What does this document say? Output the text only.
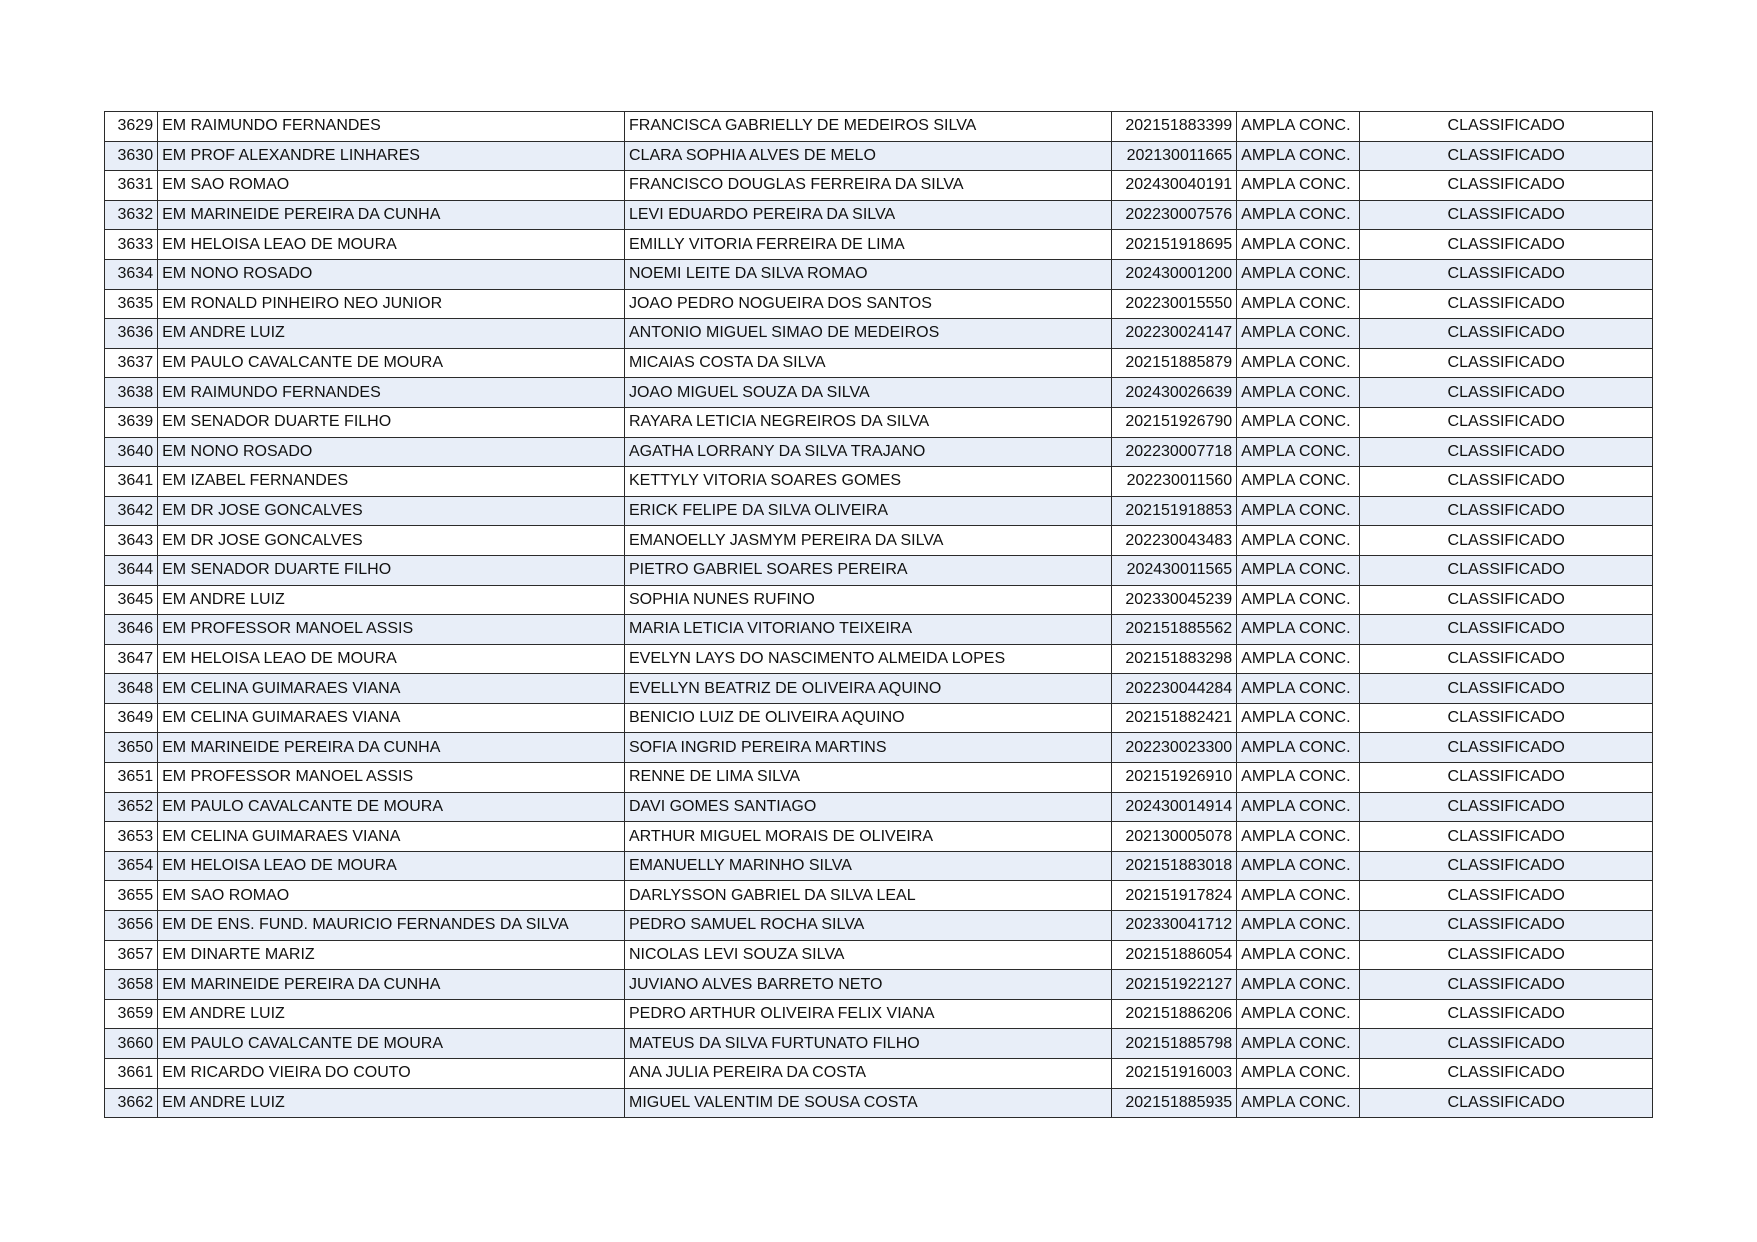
3629	EM RAIMUNDO FERNANDES	FRANCISCA GABRIELLY DE MEDEIROS SILVA	202151883399	AMPLA CONC.	CLASSIFICADO
3630	EM PROF ALEXANDRE LINHARES	CLARA SOPHIA ALVES DE MELO	202130011665	AMPLA CONC.	CLASSIFICADO
3631	EM SAO ROMAO	FRANCISCO DOUGLAS FERREIRA DA SILVA	202430040191	AMPLA CONC.	CLASSIFICADO
3632	EM MARINEIDE PEREIRA DA CUNHA	LEVI EDUARDO PEREIRA DA SILVA	202230007576	AMPLA CONC.	CLASSIFICADO
3633	EM HELOISA LEAO DE MOURA	EMILLY VITORIA FERREIRA DE LIMA	202151918695	AMPLA CONC.	CLASSIFICADO
3634	EM NONO ROSADO	NOEMI LEITE DA SILVA ROMAO	202430001200	AMPLA CONC.	CLASSIFICADO
3635	EM RONALD PINHEIRO NEO JUNIOR	JOAO PEDRO NOGUEIRA DOS SANTOS	202230015550	AMPLA CONC.	CLASSIFICADO
3636	EM ANDRE LUIZ	ANTONIO MIGUEL SIMAO DE MEDEIROS	202230024147	AMPLA CONC.	CLASSIFICADO
3637	EM PAULO CAVALCANTE DE MOURA	MICAIAS COSTA DA SILVA	202151885879	AMPLA CONC.	CLASSIFICADO
3638	EM RAIMUNDO FERNANDES	JOAO MIGUEL SOUZA DA SILVA	202430026639	AMPLA CONC.	CLASSIFICADO
3639	EM SENADOR DUARTE FILHO	RAYARA LETICIA NEGREIROS DA SILVA	202151926790	AMPLA CONC.	CLASSIFICADO
3640	EM NONO ROSADO	AGATHA LORRANY DA SILVA TRAJANO	202230007718	AMPLA CONC.	CLASSIFICADO
3641	EM IZABEL FERNANDES	KETTYLY VITORIA SOARES GOMES	202230011560	AMPLA CONC.	CLASSIFICADO
3642	EM DR JOSE GONCALVES	ERICK FELIPE DA SILVA OLIVEIRA	202151918853	AMPLA CONC.	CLASSIFICADO
3643	EM DR JOSE GONCALVES	EMANOELLY JASMYM PEREIRA DA SILVA	202230043483	AMPLA CONC.	CLASSIFICADO
3644	EM SENADOR DUARTE FILHO	PIETRO GABRIEL SOARES PEREIRA	202430011565	AMPLA CONC.	CLASSIFICADO
3645	EM ANDRE LUIZ	SOPHIA NUNES RUFINO	202330045239	AMPLA CONC.	CLASSIFICADO
3646	EM PROFESSOR MANOEL ASSIS	MARIA LETICIA VITORIANO TEIXEIRA	202151885562	AMPLA CONC.	CLASSIFICADO
3647	EM HELOISA LEAO DE MOURA	EVELYN LAYS DO NASCIMENTO ALMEIDA LOPES	202151883298	AMPLA CONC.	CLASSIFICADO
3648	EM CELINA GUIMARAES VIANA	EVELLYN BEATRIZ DE OLIVEIRA AQUINO	202230044284	AMPLA CONC.	CLASSIFICADO
3649	EM CELINA GUIMARAES VIANA	BENICIO LUIZ DE OLIVEIRA AQUINO	202151882421	AMPLA CONC.	CLASSIFICADO
3650	EM MARINEIDE PEREIRA DA CUNHA	SOFIA INGRID PEREIRA MARTINS	202230023300	AMPLA CONC.	CLASSIFICADO
3651	EM PROFESSOR MANOEL ASSIS	RENNE DE LIMA SILVA	202151926910	AMPLA CONC.	CLASSIFICADO
3652	EM PAULO CAVALCANTE DE MOURA	DAVI GOMES SANTIAGO	202430014914	AMPLA CONC.	CLASSIFICADO
3653	EM CELINA GUIMARAES VIANA	ARTHUR MIGUEL MORAIS DE OLIVEIRA	202130005078	AMPLA CONC.	CLASSIFICADO
3654	EM HELOISA LEAO DE MOURA	EMANUELLY MARINHO SILVA	202151883018	AMPLA CONC.	CLASSIFICADO
3655	EM SAO ROMAO	DARLYSSON GABRIEL DA SILVA LEAL	202151917824	AMPLA CONC.	CLASSIFICADO
3656	EM DE ENS. FUND. MAURICIO FERNANDES DA SILVA	PEDRO SAMUEL ROCHA SILVA	202330041712	AMPLA CONC.	CLASSIFICADO
3657	EM DINARTE MARIZ	NICOLAS LEVI SOUZA SILVA	202151886054	AMPLA CONC.	CLASSIFICADO
3658	EM MARINEIDE PEREIRA DA CUNHA	JUVIANO ALVES BARRETO NETO	202151922127	AMPLA CONC.	CLASSIFICADO
3659	EM ANDRE LUIZ	PEDRO ARTHUR OLIVEIRA FELIX VIANA	202151886206	AMPLA CONC.	CLASSIFICADO
3660	EM PAULO CAVALCANTE DE MOURA	MATEUS DA SILVA FURTUNATO FILHO	202151885798	AMPLA CONC.	CLASSIFICADO
3661	EM RICARDO VIEIRA DO COUTO	ANA JULIA PEREIRA DA COSTA	202151916003	AMPLA CONC.	CLASSIFICADO
3662	EM ANDRE LUIZ	MIGUEL VALENTIM DE SOUSA COSTA	202151885935	AMPLA CONC.	CLASSIFICADO
